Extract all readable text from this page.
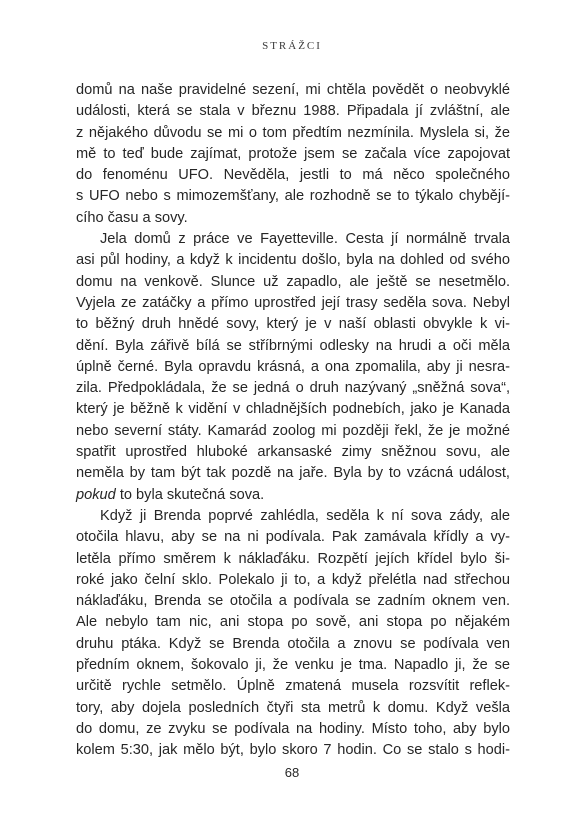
STRÁŽCI
domů na naše pravidelné sezení, mi chtěla povědět o neobvyklé
události, která se stala v březnu 1988. Připadala jí zvláštní, ale
z nějakého důvodu se mi o tom předtím nezmínila. Myslela si, že
mě to teď bude zajímat, protože jsem se začala více zapojovat
do fenoménu UFO. Nevěděla, jestli to má něco společného
s UFO nebo s mimozemšťany, ale rozhodně se to týkalo chybějí-
cího času a sovy.
Jela domů z práce ve Fayetteville. Cesta jí normálně trvala
asi půl hodiny, a když k incidentu došlo, byla na dohled od svého
domu na venkově. Slunce už zapadlo, ale ještě se nesetmělo.
Vyjela ze zatáčky a přímo uprostřed její trasy seděla sova. Nebyl
to běžný druh hnědé sovy, který je v naší oblasti obvykle k vi-
dění. Byla zářivě bílá se stříbrnými odlesky na hrudi a oči měla
úplně černé. Byla opravdu krásná, a ona zpomalila, aby ji nesra-
zila. Předpokládala, že se jedná o druh nazývaný „sněžná sova“,
který je běžně k vidění v chladnějších podnebích, jako je Kanada
nebo severní státy. Kamarád zoolog mi později řekl, že je možné
spatřit uprostřed hluboké arkansaské zimy sněžnou sovu, ale
neměla by tam být tak pozdě na jaře. Byla by to vzácná událost,
pokud to byla skutečná sova.
Když ji Brenda poprvé zahlédla, seděla k ní sova zády, ale
otočila hlavu, aby se na ni podívala. Pak zamávala křídly a vy-
letěla přímo směrem k náklaďáku. Rozpětí jejích křídel bylo ši-
roké jako čelní sklo. Polekalo ji to, a když přelétla nad střechou
náklaďáku, Brenda se otočila a podívala se zadním oknem ven.
Ale nebylo tam nic, ani stopa po sově, ani stopa po nějakém
druhu ptáka. Když se Brenda otočila a znovu se podívala ven
předním oknem, šokovalo ji, že venku je tma. Napadlo ji, že se
určitě rychle setmělo. Úplně zmatená musela rozsvítit reflek-
tory, aby dojela posledních čtyři sta metrů k domu. Když vešla
do domu, ze zvyku se podívala na hodiny. Místo toho, aby bylo
kolem 5:30, jak mělo být, bylo skoro 7 hodin. Co se stalo s hodi-
68
